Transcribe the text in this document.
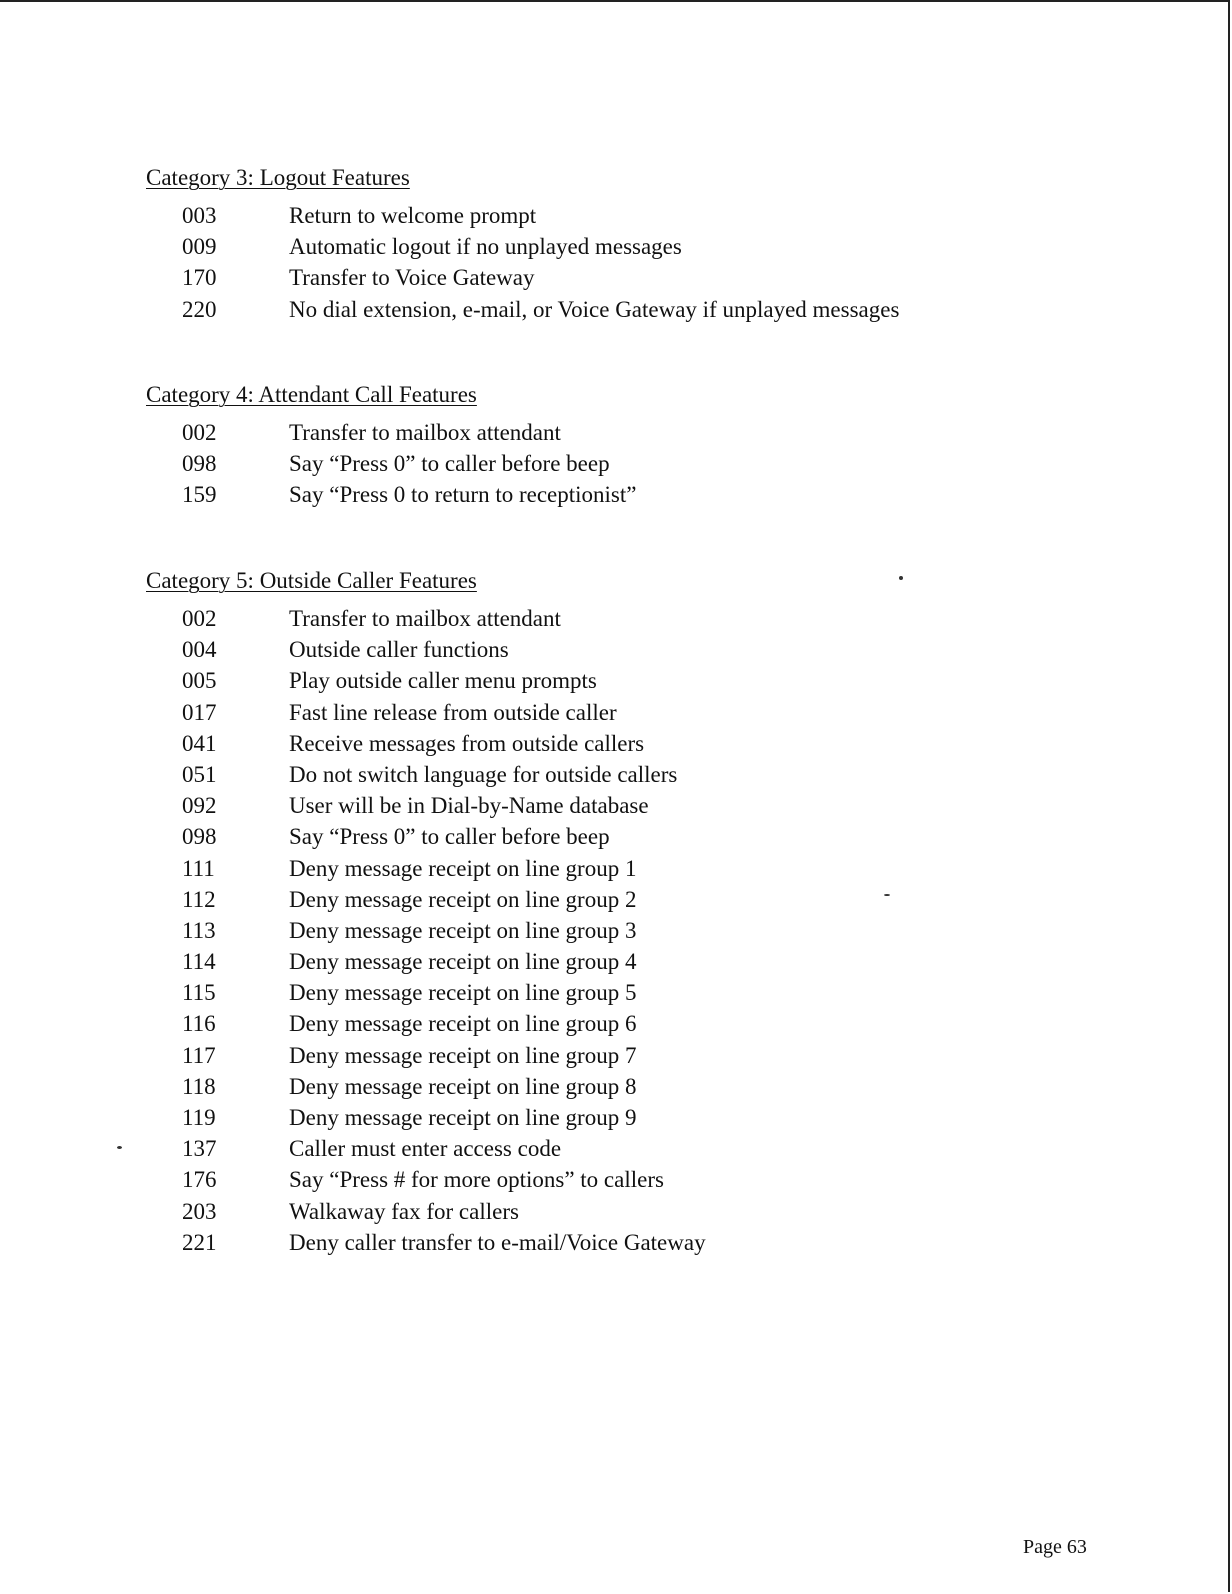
Category 3: Logout Features
003	Return to welcome prompt
009	Automatic logout if no unplayed messages
170	Transfer to Voice Gateway
220	No dial extension, e-mail, or Voice Gateway if unplayed messages
Category 4: Attendant Call Features
002	Transfer to mailbox attendant
098	Say “Press 0” to caller before beep
159	Say “Press 0 to return to receptionist”
Category 5: Outside Caller Features
002	Transfer to mailbox attendant
004	Outside caller functions
005	Play outside caller menu prompts
017	Fast line release from outside caller
041	Receive messages from outside callers
051	Do not switch language for outside callers
092	User will be in Dial-by-Name database
098	Say “Press 0” to caller before beep
111	Deny message receipt on line group 1
112	Deny message receipt on line group 2
113	Deny message receipt on line group 3
114	Deny message receipt on line group 4
115	Deny message receipt on line group 5
116	Deny message receipt on line group 6
117	Deny message receipt on line group 7
118	Deny message receipt on line group 8
119	Deny message receipt on line group 9
137	Caller must enter access code
176	Say “Press # for more options” to callers
203	Walkaway fax for callers
221	Deny caller transfer to e-mail/Voice Gateway
Page 63
